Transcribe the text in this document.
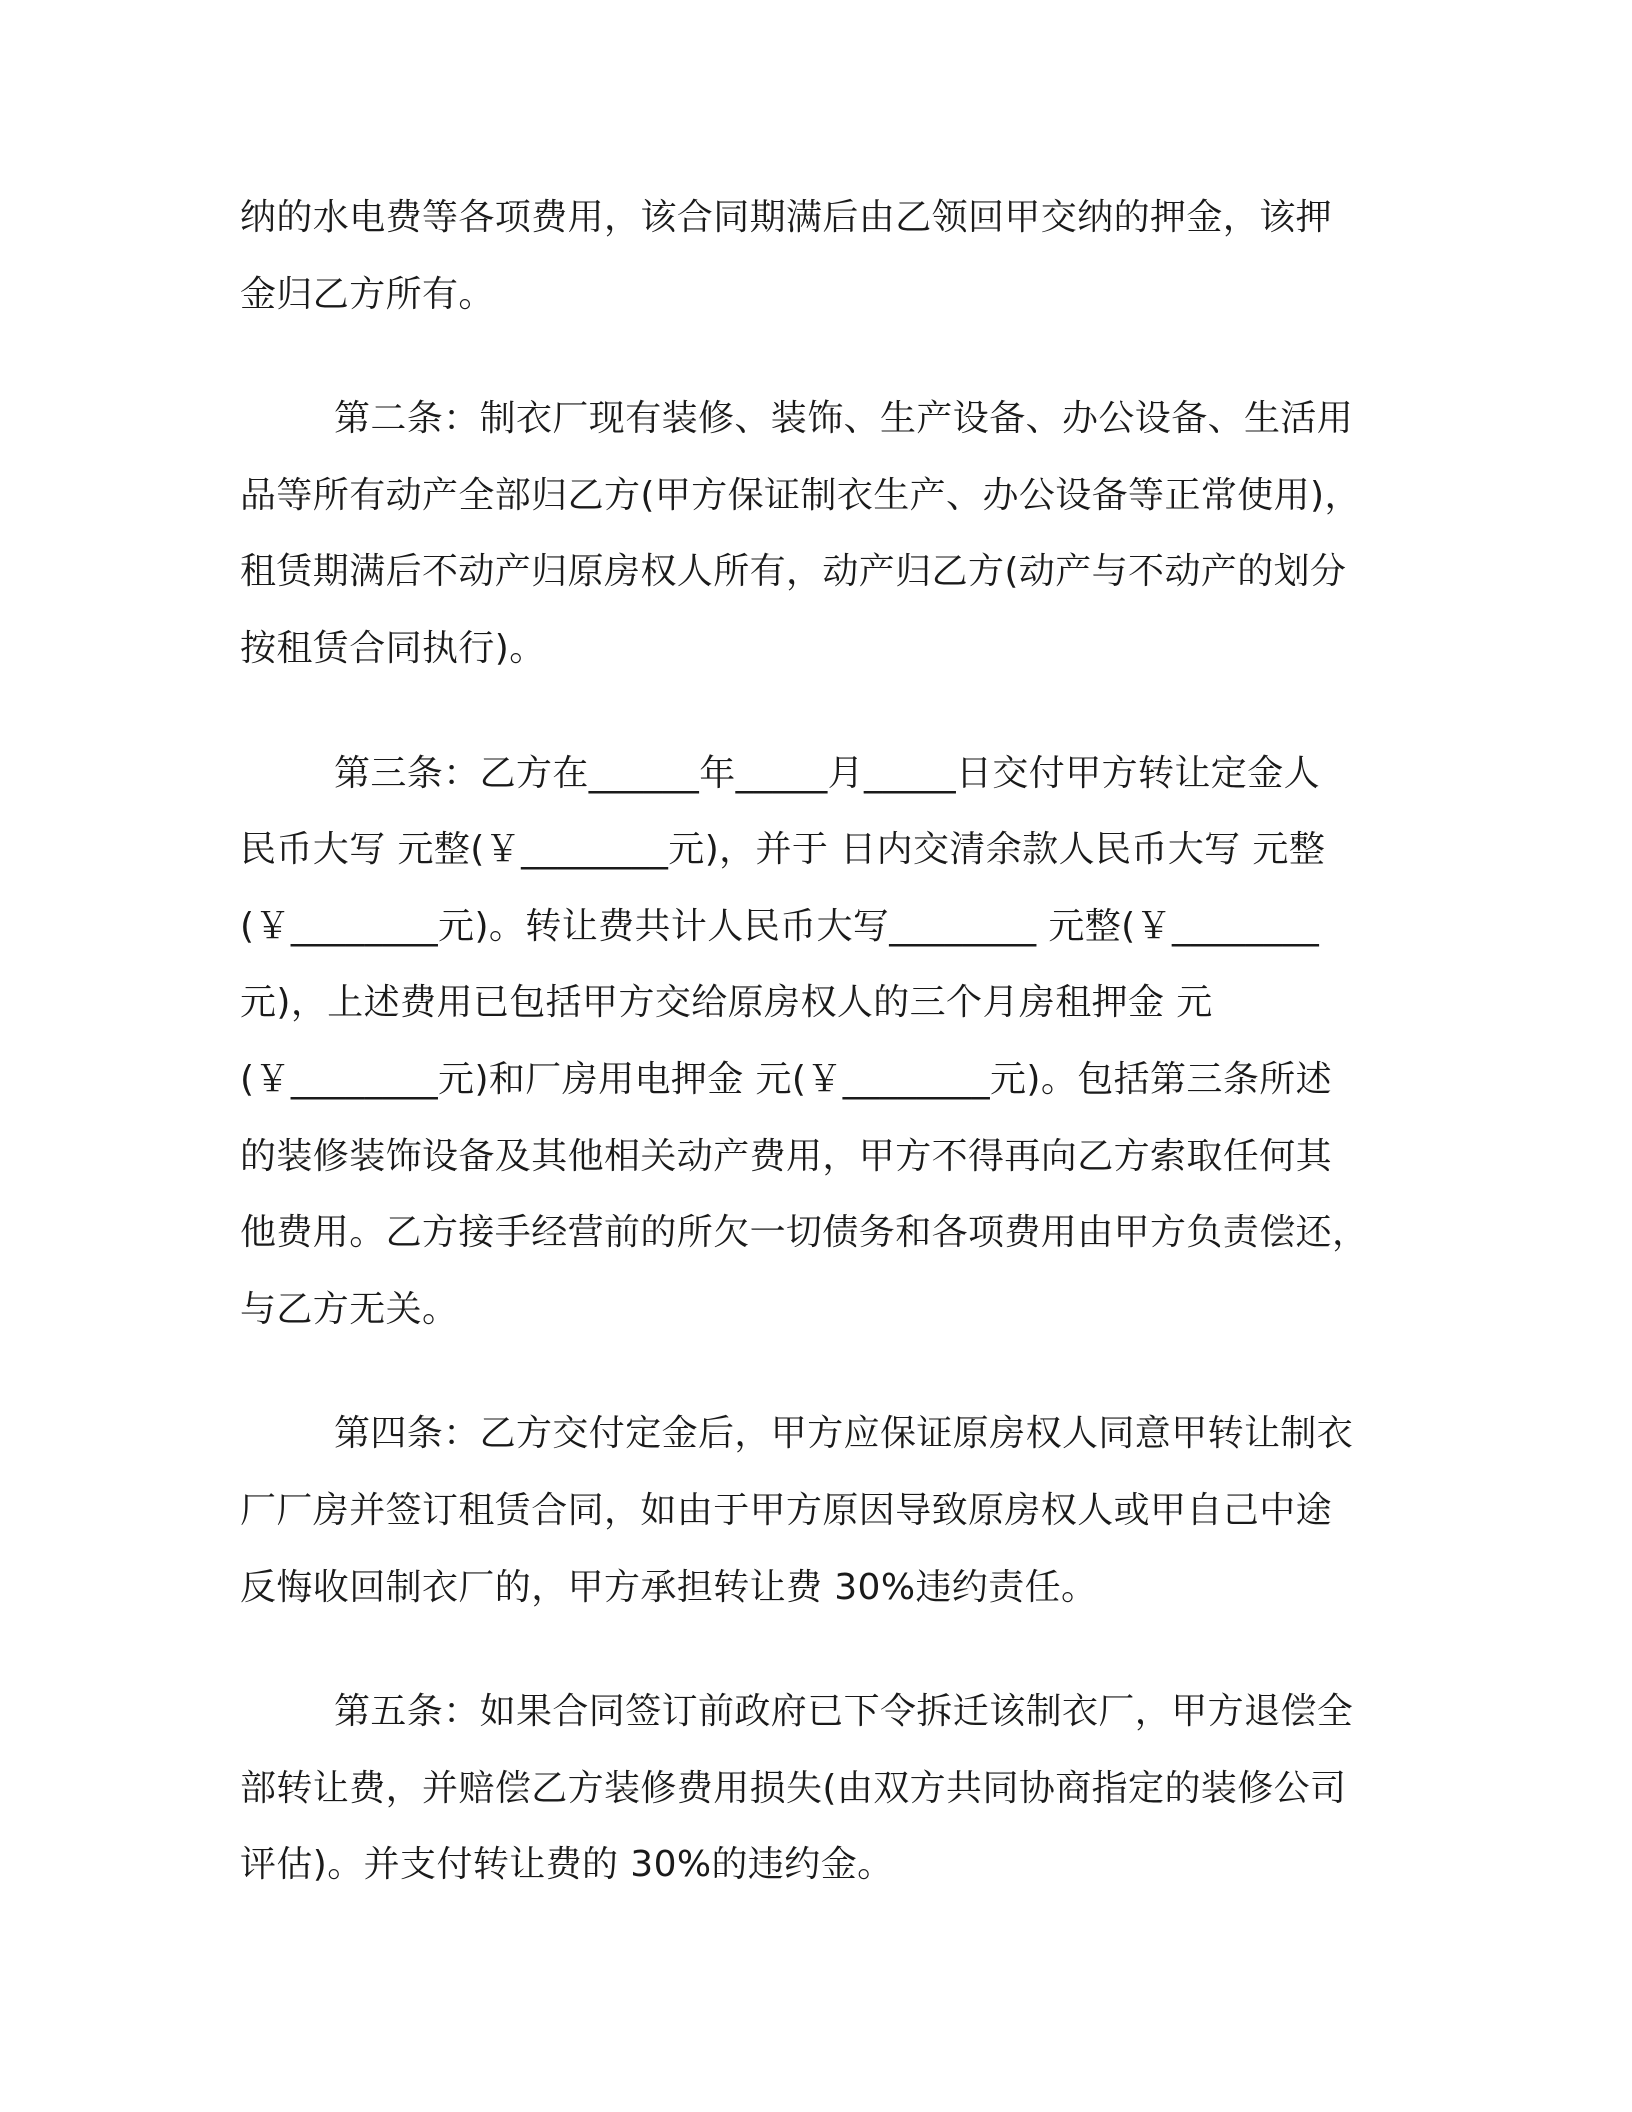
纳的水电费等各项费用，该合同期满后由乙领回甲交纳的押金，该押
金归乙方所有。

第二条：制衣厂现有装修、装饰、生产设备、办公设备、生活用
品等所有动产全部归乙方(甲方保证制衣生产、办公设备等正常使用)，
租赁期满后不动产归原房权人所有，动产归乙方(动产与不动产的划分
按租赁合同执行)。

第三条：乙方在______年_____月_____日交付甲方转让定金人
民币大写 元整(￥________元)，并于 日内交清余款人民币大写 元整
(￥________元)。转让费共计人民币大写________ 元整(￥________
元)，上述费用已包括甲方交给原房权人的三个月房租押金 元
(￥________元)和厂房用电押金 元(￥________元)。包括第三条所述
的装修装饰设备及其他相关动产费用，甲方不得再向乙方索取任何其
他费用。乙方接手经营前的所欠一切债务和各项费用由甲方负责偿还，
与乙方无关。

第四条：乙方交付定金后，甲方应保证原房权人同意甲转让制衣
厂厂房并签订租赁合同，如由于甲方原因导致原房权人或甲自己中途
反悔收回制衣厂的，甲方承担转让费 30%违约责任。

第五条：如果合同签订前政府已下令拆迁该制衣厂，甲方退偿全
部转让费，并赔偿乙方装修费用损失(由双方共同协商指定的装修公司
评估)。并支付转让费的 30%的违约金。
